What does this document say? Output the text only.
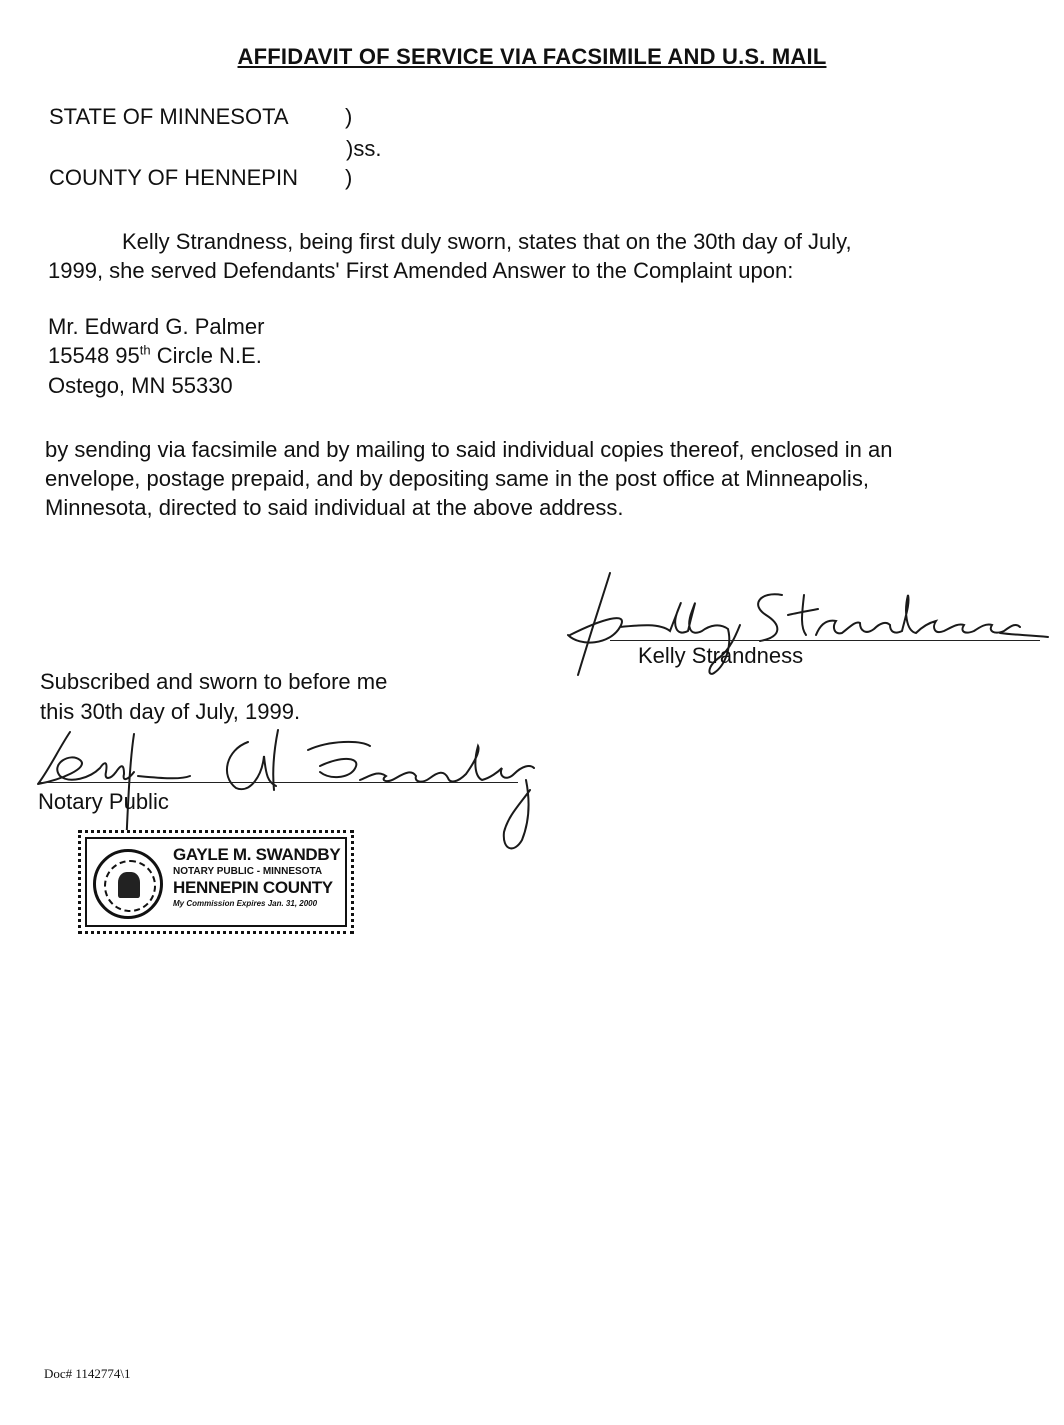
AFFIDAVIT OF SERVICE VIA FACSIMILE AND U.S. MAIL
STATE OF MINNESOTA	)
)ss.
COUNTY OF HENNEPIN )
Kelly Strandness, being first duly sworn, states that on the 30th day of July,
1999, she served Defendants' First Amended Answer to the Complaint upon:
Mr. Edward G. Palmer
15548 95th Circle N.E.
Ostego, MN 55330
by sending via facsimile and by mailing to said individual copies thereof, enclosed in an
envelope, postage prepaid, and by depositing same in the post office at Minneapolis,
Minnesota, directed to said individual at the above address.
Kelly Strandness
Subscribed and sworn to before me
this 30th day of July, 1999.
Notary Public
GAYLE M. SWANDBY
NOTARY PUBLIC - MINNESOTA
HENNEPIN COUNTY
My Commission Expires Jan. 31, 2000
Doc# 1142774\1
